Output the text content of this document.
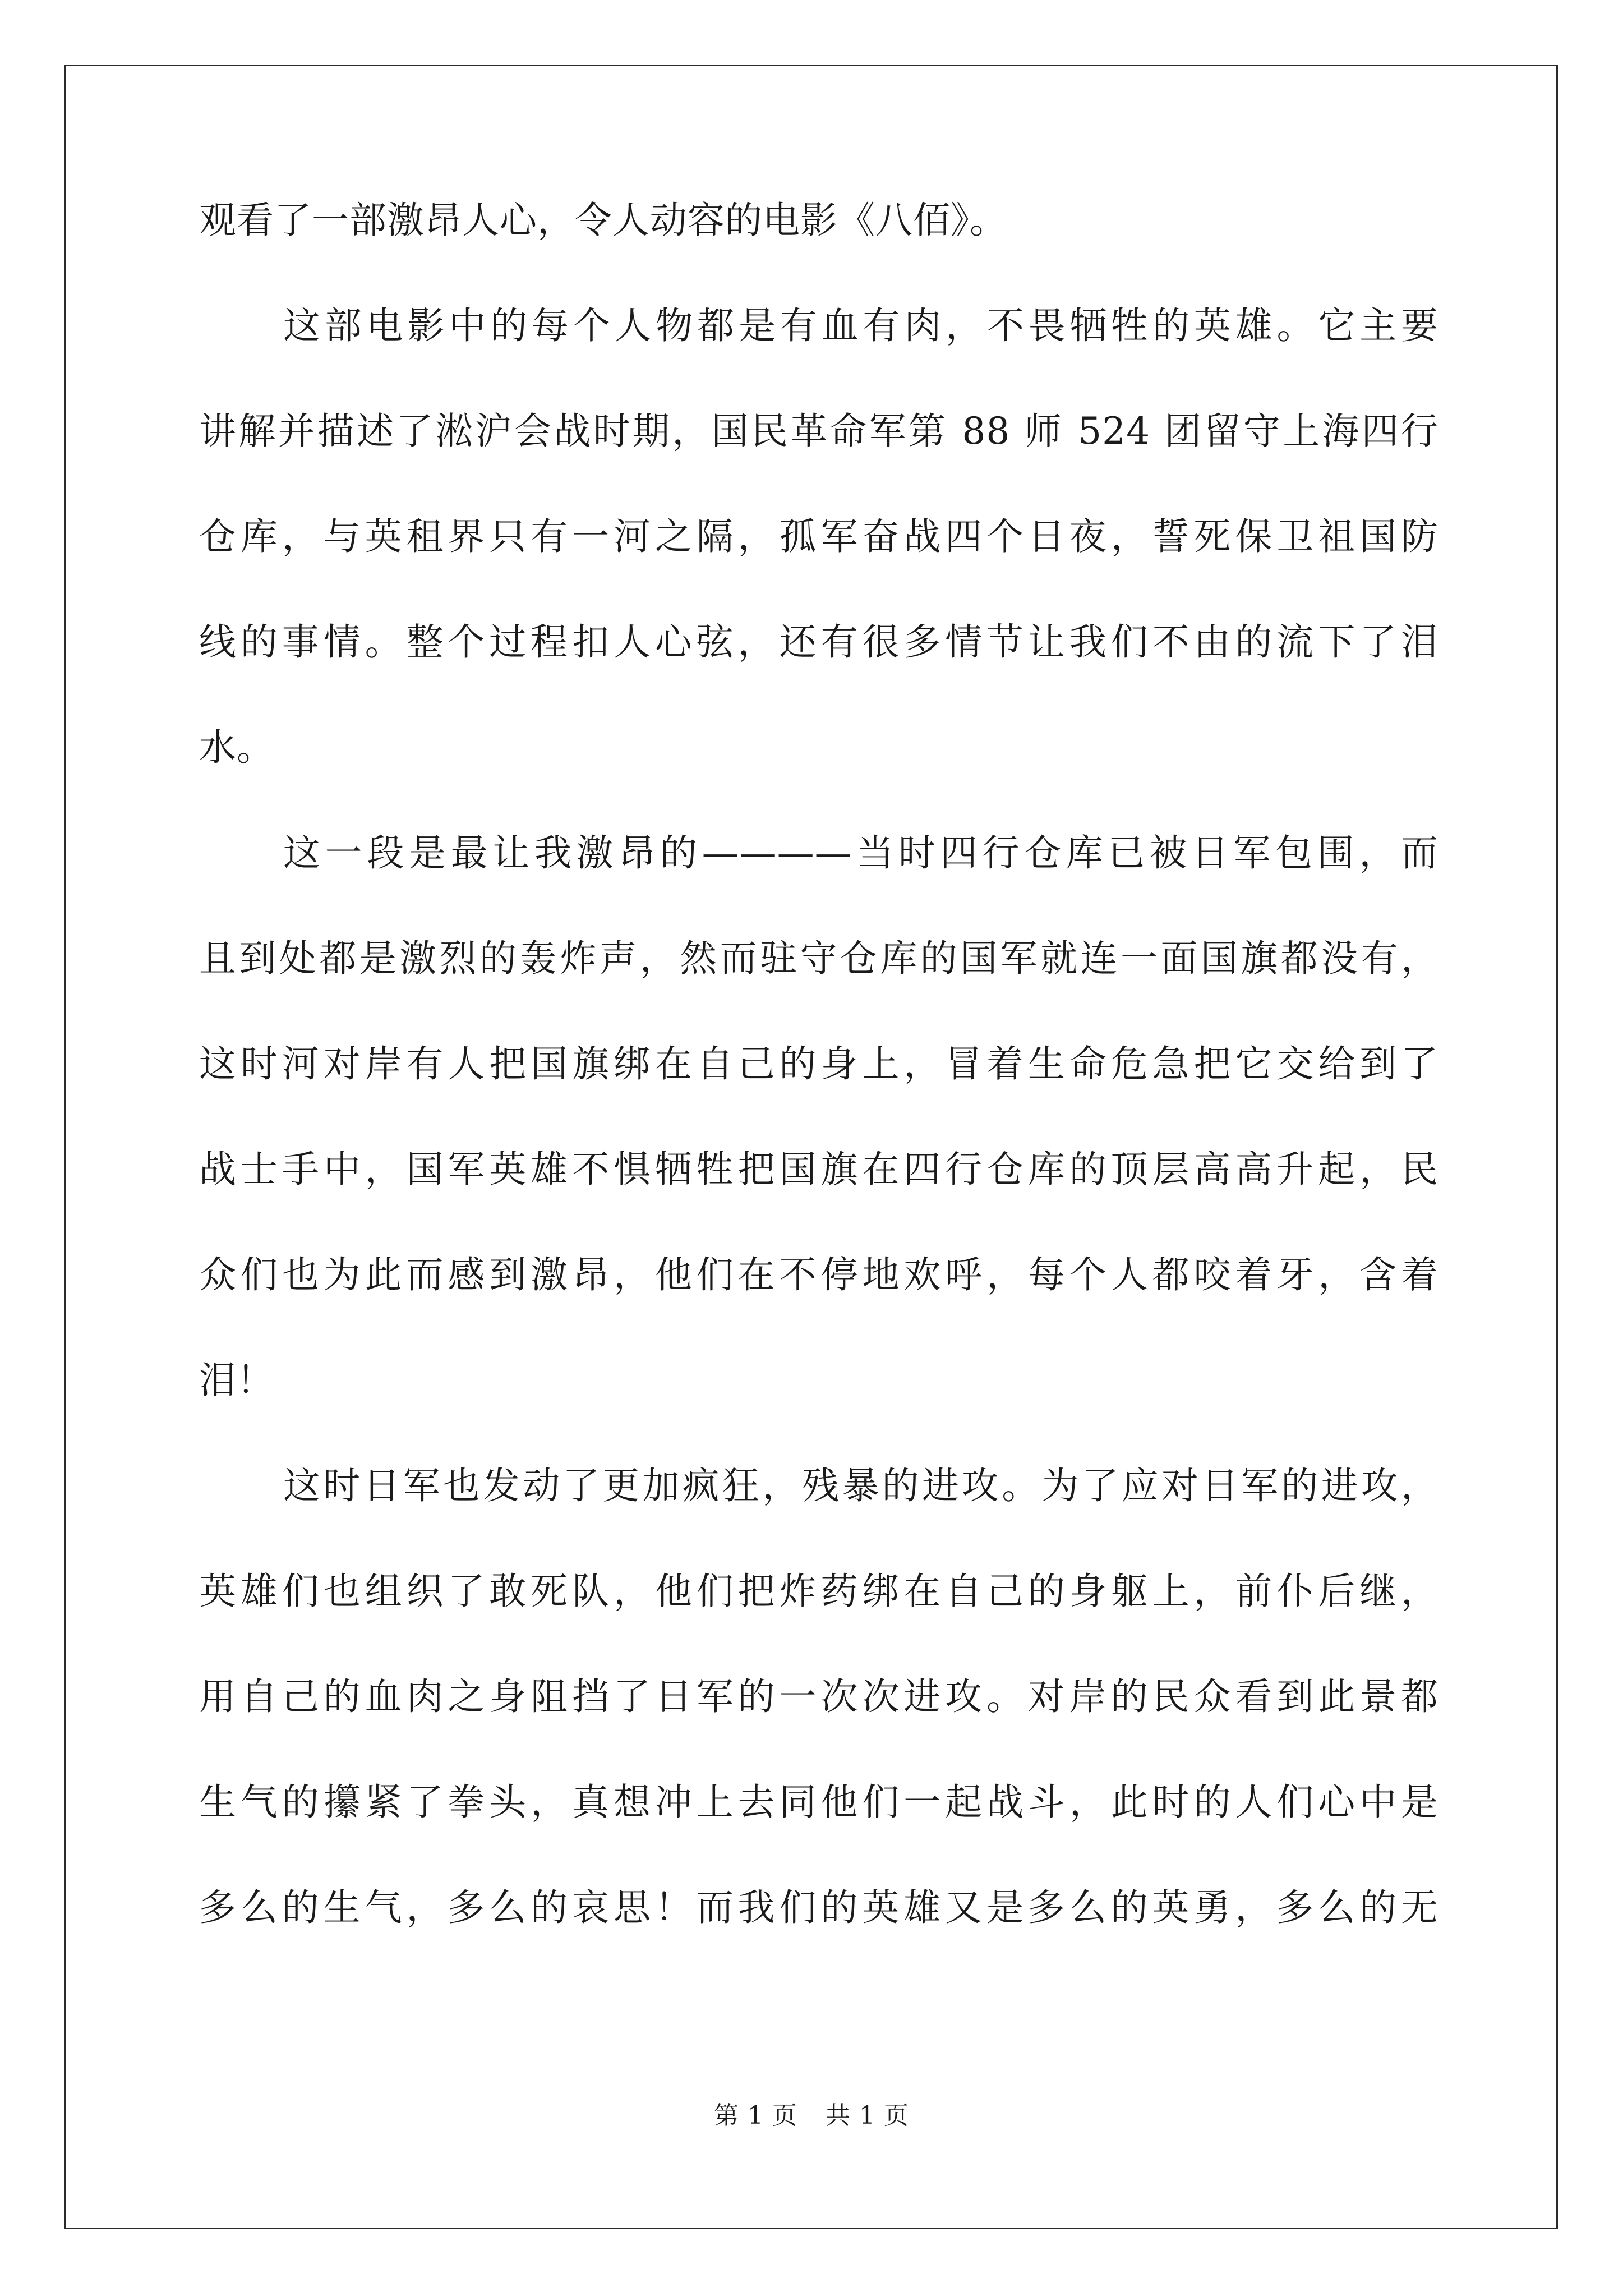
观看了一部激昂人心，令人动容的电影《八佰》。
这部电影中的每个人物都是有血有肉，不畏牺牲的英雄。它主要
讲解并描述了淞沪会战时期，国民革命军第 88 师 524 团留守上海四行
仓库，与英租界只有一河之隔，孤军奋战四个日夜，誓死保卫祖国防
线的事情。整个过程扣人心弦，还有很多情节让我们不由的流下了泪
水。
这一段是最让我激昂的————当时四行仓库已被日军包围，而
且到处都是激烈的轰炸声，然而驻守仓库的国军就连一面国旗都没有，
这时河对岸有人把国旗绑在自己的身上，冒着生命危急把它交给到了
战士手中，国军英雄不惧牺牲把国旗在四行仓库的顶层高高升起，民
众们也为此而感到激昂，他们在不停地欢呼，每个人都咬着牙，含着
泪！
这时日军也发动了更加疯狂，残暴的进攻。为了应对日军的进攻，
英雄们也组织了敢死队，他们把炸药绑在自己的身躯上，前仆后继，
用自己的血肉之身阻挡了日军的一次次进攻。对岸的民众看到此景都
生气的攥紧了拳头，真想冲上去同他们一起战斗，此时的人们心中是
多么的生气，多么的哀思！而我们的英雄又是多么的英勇，多么的无
第 1 页 共 1 页
